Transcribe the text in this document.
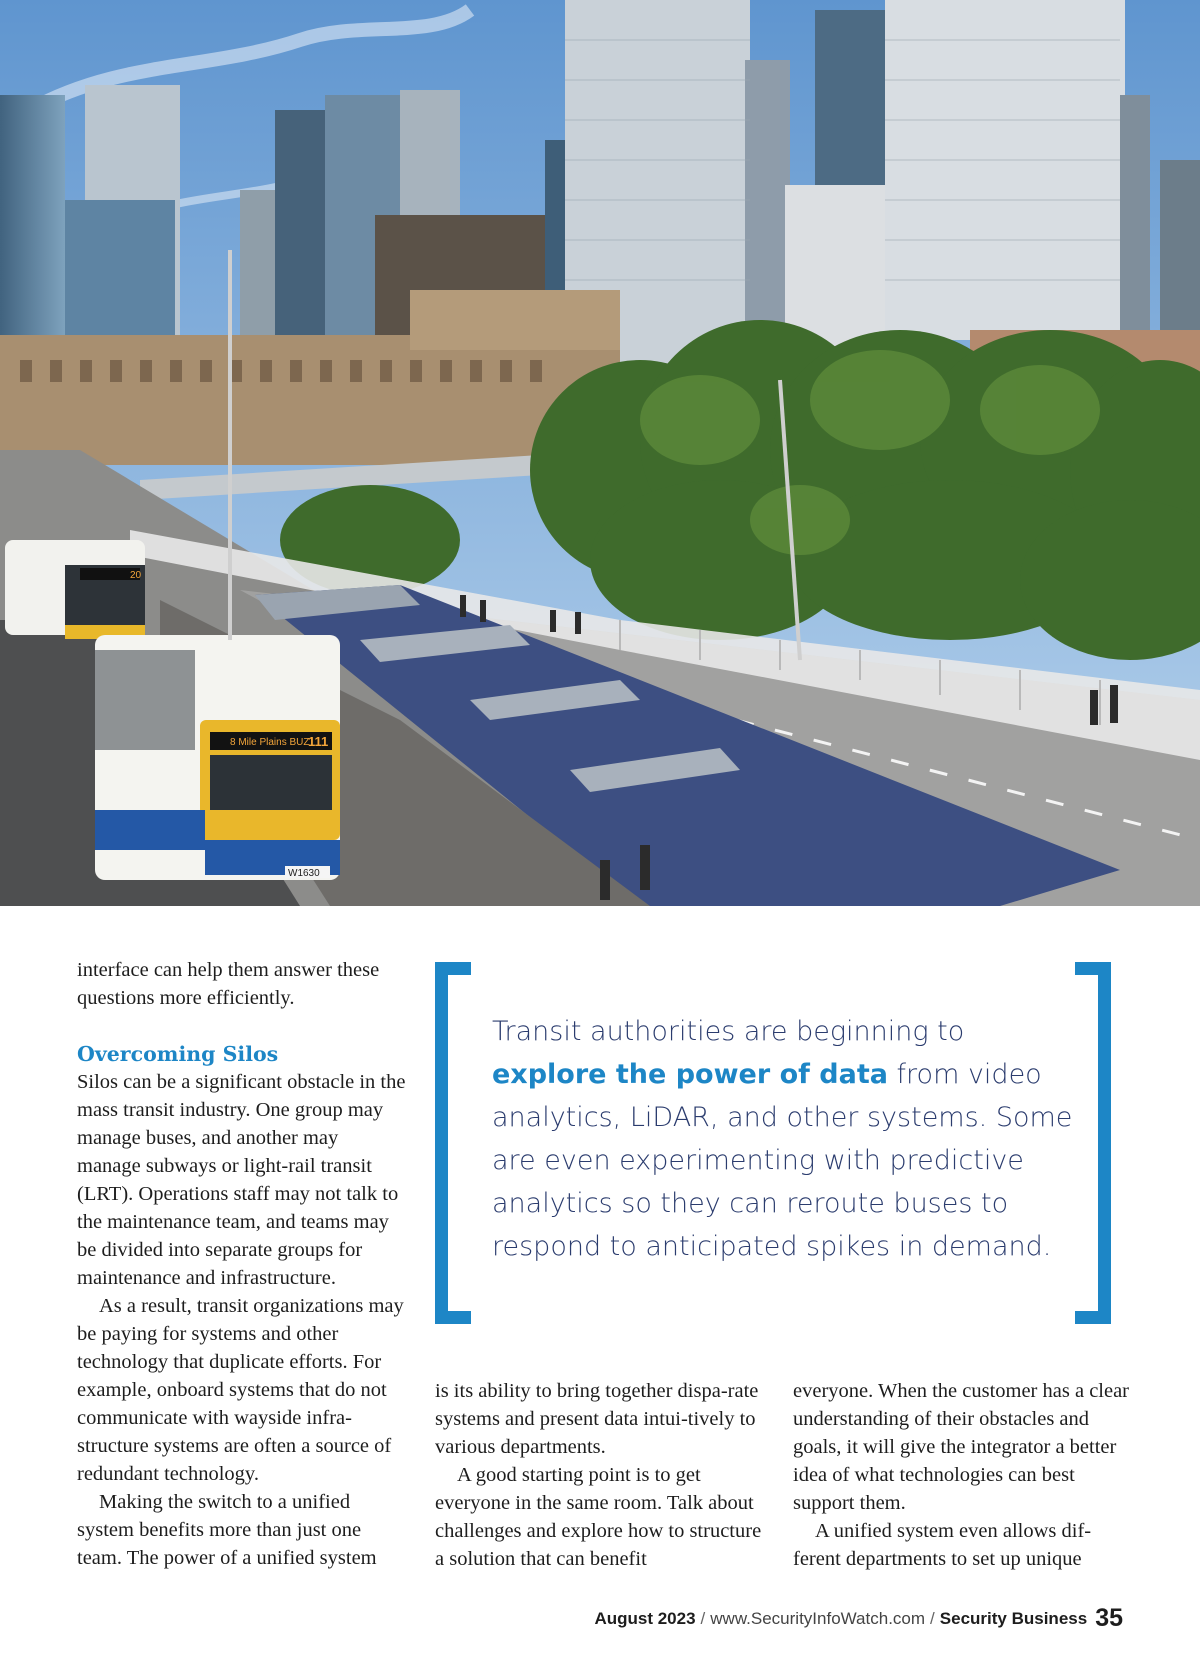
20
8 Mile Plains BUZ
111
W1630

interface can help them answer these questions more efficiently.

Overcoming Silos

Silos can be a significant obstacle in the mass transit industry. One group may manage buses, and another may manage subways or light-rail transit (LRT). Operations staff may not talk to the maintenance team, and teams may be divided into separate groups for maintenance and infrastructure.

As a result, transit organizations may be paying for systems and other technology that duplicate efforts. For example, onboard systems that do not communicate with wayside infra-structure systems are often a source of redundant technology.

Making the switch to a unified system benefits more than just one team. The power of a unified system

Transit authorities are beginning to explore the power of data from video analytics, LiDAR, and other systems. Some are even experimenting with predictive analytics so they can reroute buses to respond to anticipated spikes in demand.

is its ability to bring together dispa-rate systems and present data intui-tively to various departments.

A good starting point is to get everyone in the same room. Talk about challenges and explore how to structure a solution that can benefit

everyone. When the customer has a clear understanding of their obstacles and goals, it will give the integrator a better idea of what technologies can best support them.

A unified system even allows dif-ferent departments to set up unique

August 2023 / www.SecurityInfoWatch.com / Security Business 35
